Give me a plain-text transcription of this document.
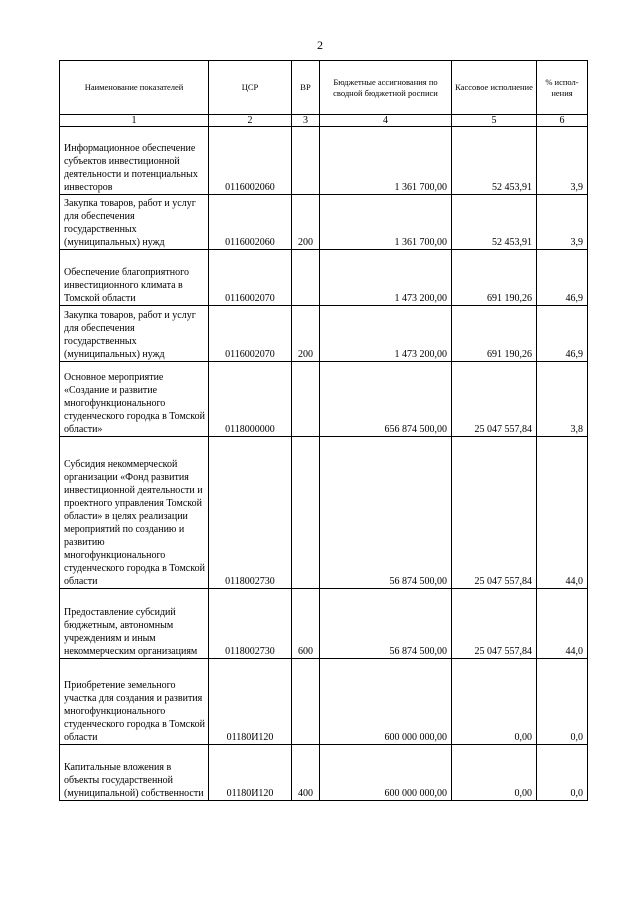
2
Наименование показателей	ЦСР	ВР	Бюджетные ассигнования по сводной бюджетной росписи	Кассовое исполнение	% испол-нения
1	2	3	4	5	6
Информационное обеспечение субъектов инвестиционной деятельности и потенциальных инвесторов	0116002060		1 361 700,00	52 453,91	3,9
Закупка товаров, работ и услуг для обеспечения государственных (муниципальных) нужд	0116002060	200	1 361 700,00	52 453,91	3,9
Обеспечение благоприятного инвестиционного климата в Томской области	0116002070		1 473 200,00	691 190,26	46,9
Закупка товаров, работ и услуг для обеспечения государственных (муниципальных) нужд	0116002070	200	1 473 200,00	691 190,26	46,9
Основное мероприятие «Создание и развитие многофункционального студенческого городка в Томской области»	0118000000		656 874 500,00	25 047 557,84	3,8
Субсидия некоммерческой организации «Фонд развития инвестиционной деятельности и проектного управления Томской области» в целях реализации мероприятий по созданию и развитию многофункционального студенческого городка в Томской области	0118002730		56 874 500,00	25 047 557,84	44,0
Предоставление субсидий бюджетным, автономным учреждениям и иным некоммерческим организациям	0118002730	600	56 874 500,00	25 047 557,84	44,0
Приобретение земельного участка для создания и развития многофункционального студенческого городка в Томской области	01180И120		600 000 000,00	0,00	0,0
Капитальные вложения в объекты государственной (муниципальной) собственности	01180И120	400	600 000 000,00	0,00	0,0
